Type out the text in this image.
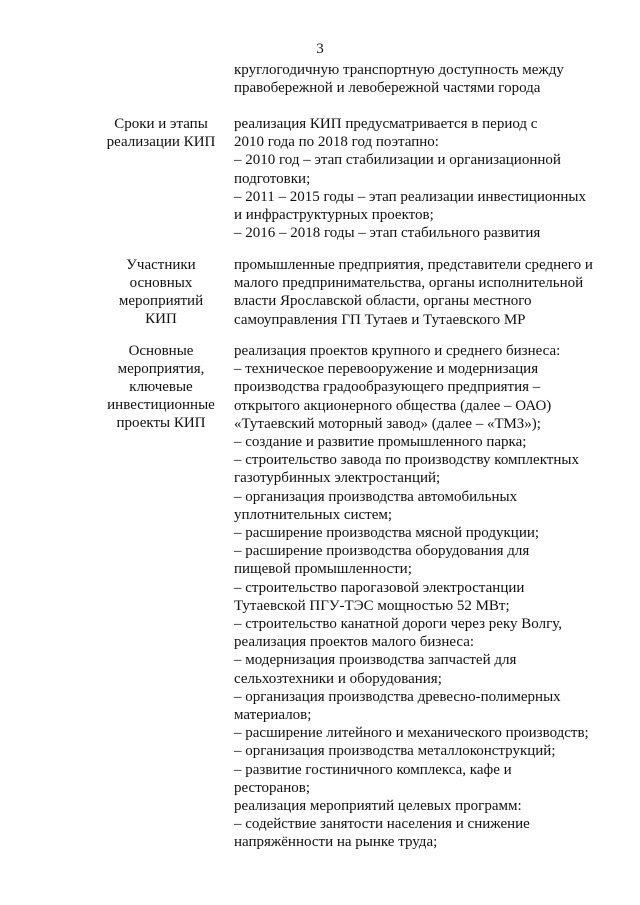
3
круглогодичную транспортную доступность между
правобережной и левобережной частями города
Сроки и этапы
реализации КИП
реализация КИП предусматривается в период с
2010 года по 2018 год поэтапно:
– 2010 год – этап стабилизации и организационной
подготовки;
– 2011 – 2015 годы – этап реализации инвестиционных
и инфраструктурных проектов;
– 2016 – 2018 годы – этап стабильного развития
Участники
основных
мероприятий
КИП
промышленные предприятия, представители среднего и
малого предпринимательства, органы исполнительной
власти Ярославской области, органы местного
самоуправления ГП Тутаев и Тутаевского МР
Основные
мероприятия,
ключевые
инвестиционные
проекты КИП
реализация проектов крупного и среднего бизнеса:
– техническое перевооружение и модернизация
производства градообразующего предприятия –
открытого акционерного общества (далее – ОАО)
«Тутаевский моторный завод» (далее – «ТМЗ»);
– создание и развитие промышленного парка;
– строительство завода по производству комплектных
газотурбинных электростанций;
– организация производства автомобильных
уплотнительных систем;
– расширение производства мясной продукции;
– расширение производства оборудования для
пищевой промышленности;
– строительство парогазовой электростанции
Тутаевской ПГУ-ТЭС мощностью 52 МВт;
– строительство канатной дороги через реку Волгу,
реализация проектов малого бизнеса:
– модернизация производства запчастей для
сельхозтехники и оборудования;
– организация производства древесно-полимерных
материалов;
– расширение литейного и механического производств;
– организация производства металлоконструкций;
– развитие гостиничного комплекса, кафе и
ресторанов;
реализация мероприятий целевых программ:
– содействие занятости населения и снижение
напряжённости на рынке труда;
